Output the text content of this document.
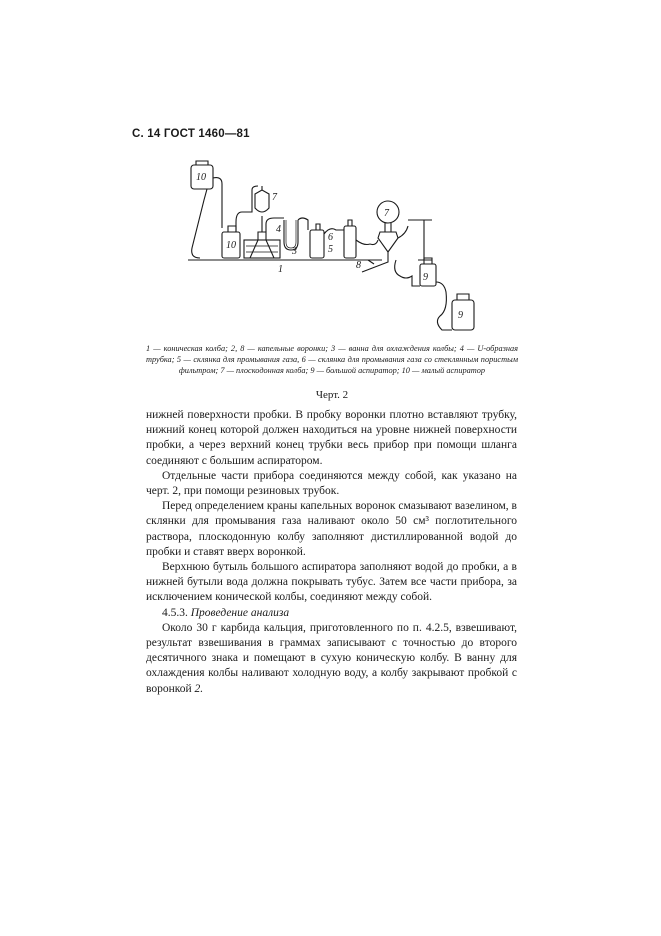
С. 14 ГОСТ 1460—81
10
7
4
3
10
1
6
5
7
8
9
9
1 — коническая колба; 2, 8 — капельные воронки; 3 — ванна для охлаждения колбы; 4 — U-образная трубка; 5 — склянка для промывания газа, 6 — склянка для промывания газа со стеклянным пористым фильтром; 7 — плоскодонная колба; 9 — большой аспиратор; 10 — малый аспиратор
Черт. 2

нижней поверхности пробки. В пробку воронки плотно вставляют трубку, нижний конец которой должен находиться на уровне нижней поверхности пробки, а через верхний конец трубки весь прибор при помощи шланга соединяют с большим аспиратором.

Отдельные части прибора соединяются между собой, как указано на черт. 2, при помощи резиновых трубок.

Перед определением краны капельных воронок смазывают вазелином, в склянки для промывания газа наливают около 50 см³ поглотительного раствора, плоскодонную колбу заполняют дистиллированной водой до пробки и ставят вверх воронкой.

Верхнюю бутыль большого аспиратора заполняют водой до пробки, а в нижней бутыли вода должна покрывать тубус. Затем все части прибора, за исключением конической колбы, соединяют между собой.

4.5.3. Проведение анализа

Около 30 г карбида кальция, приготовленного по п. 4.2.5, взвешивают, результат взвешивания в граммах записывают с точностью до второго десятичного знака и помещают в сухую коническую колбу. В ванну для охлаждения колбы наливают холодную воду, а колбу закрывают пробкой с воронкой 2.
